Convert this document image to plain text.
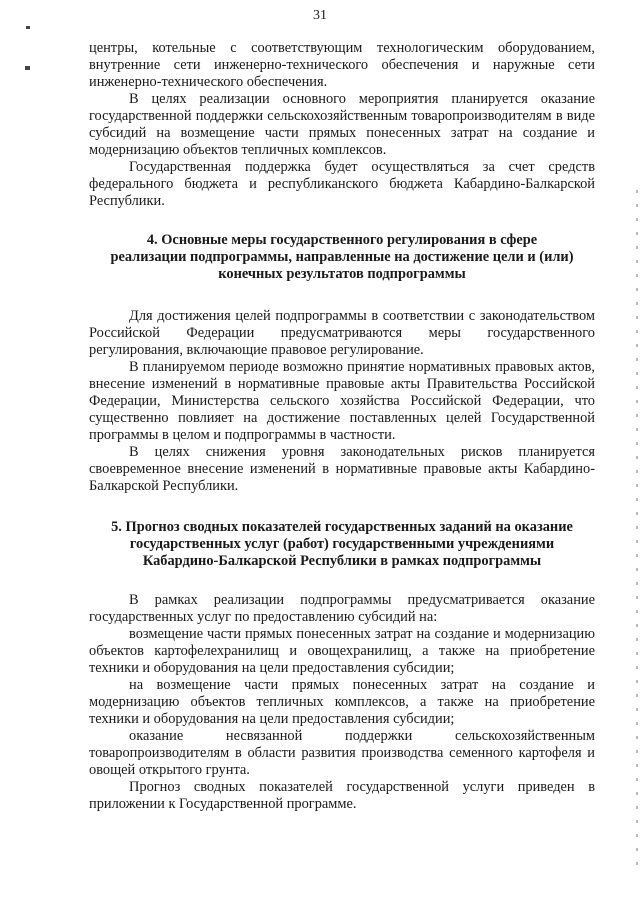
31

центры, котельные с соответствующим технологическим оборудованием, внутренние сети инженерно-технического обеспечения и наружные сети инженерно-технического обеспечения.

В целях реализации основного мероприятия планируется оказание государственной поддержки сельскохозяйственным товаропроизводителям в виде субсидий на возмещение части прямых понесенных затрат на создание и модернизацию объектов тепличных комплексов.

Государственная поддержка будет осуществляться за счет средств федерального бюджета и республиканского бюджета Кабардино-Балкарской Республики.

4. Основные меры государственного регулирования в сфере
реализации подпрограммы, направленные на достижение цели и (или)
конечных результатов подпрограммы

Для достижения целей подпрограммы в соответствии с законодательством Российской Федерации предусматриваются меры государственного регулирования, включающие правовое регулирование.

В планируемом периоде возможно принятие нормативных правовых актов, внесение изменений в нормативные правовые акты Правительства Российской Федерации, Министерства сельского хозяйства Российской Федерации, что существенно повлияет на достижение поставленных целей Государственной программы в целом и подпрограммы в частности.

В целях снижения уровня законодательных рисков планируется своевременное внесение изменений в нормативные правовые акты Кабардино-Балкарской Республики.

5. Прогноз сводных показателей государственных заданий на оказание
государственных услуг (работ) государственными учреждениями
Кабардино-Балкарской Республики в рамках подпрограммы

В рамках реализации подпрограммы предусматривается оказание государственных услуг по предоставлению субсидий на:

возмещение части прямых понесенных затрат на создание и модернизацию объектов картофелехранилищ и овощехранилищ, а также на приобретение техники и оборудования на цели предоставления субсидии;

на возмещение части прямых понесенных затрат на создание и модернизацию объектов тепличных комплексов, а также на приобретение техники и оборудования на цели предоставления субсидии;

оказание несвязанной поддержки сельскохозяйственным товаропроизводителям в области развития производства семенного картофеля и овощей открытого грунта.

Прогноз сводных показателей государственной услуги приведен в приложении к Государственной программе.
